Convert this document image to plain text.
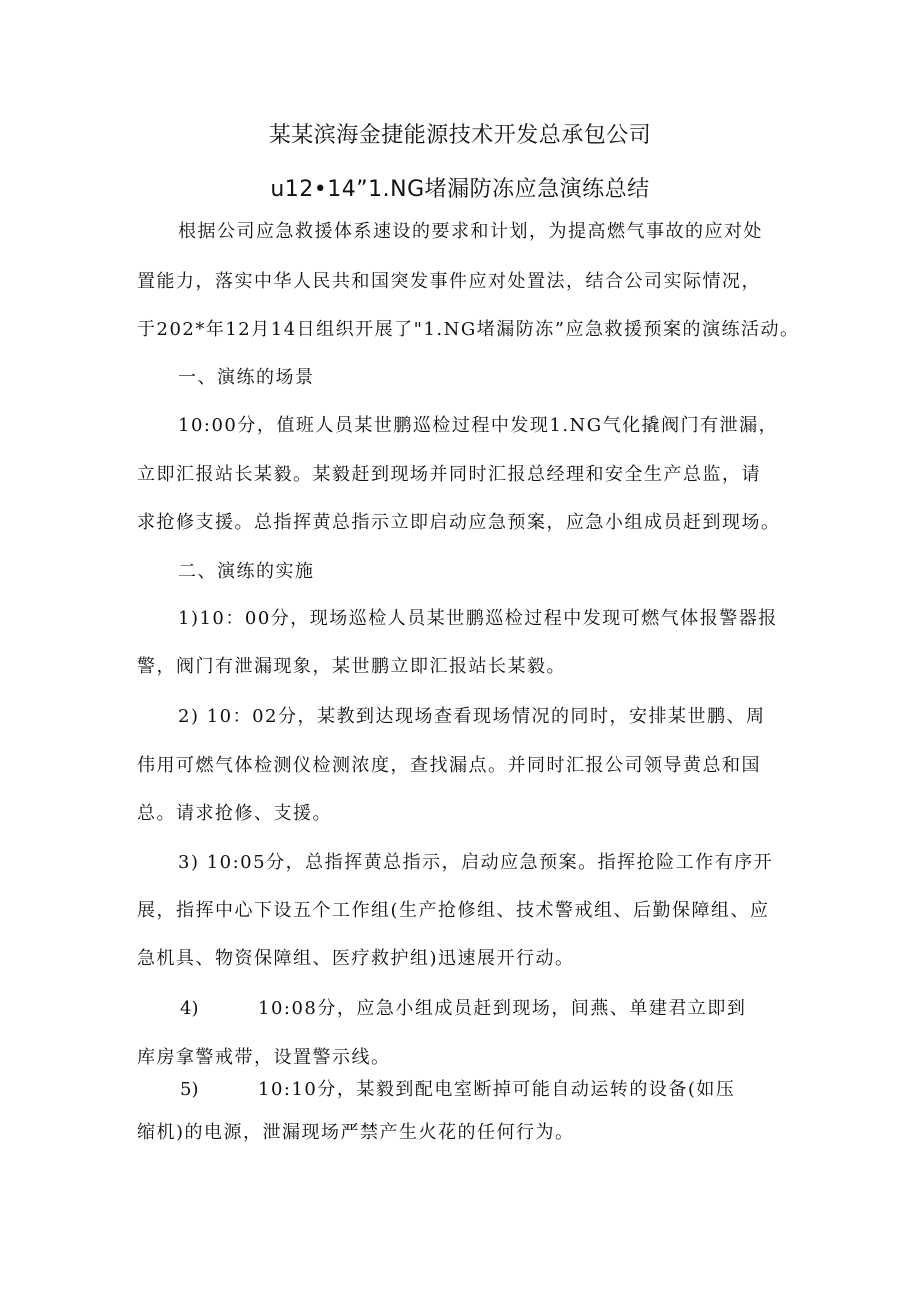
某某滨海金捷能源技术开发总承包公司
u12•14”1.NG堵漏防冻应急演练总结
根据公司应急救援体系速设的要求和计划，为提高燃气事故的应对处
置能力，落实中华人民共和国突发事件应对处置法，结合公司实际情况，
于202*年12月14日组织开展了"1.NG堵漏防冻”应急救援预案的演练活动。
一、演练的场景
10:00分，值班人员某世鹏巡检过程中发现1.NG气化撬阀门有泄漏，
立即汇报站长某毅。某毅赶到现场并同时汇报总经理和安全生产总监，请
求抢修支援。总指挥黄总指示立即启动应急预案，应急小组成员赶到现场。
二、演练的实施
1)10：00分，现场巡检人员某世鹏巡检过程中发现可燃气体报警器报
警，阀门有泄漏现象，某世鹏立即汇报站长某毅。
2) 10：02分，某教到达现场查看现场情况的同时，安排某世鹏、周
伟用可燃气体检测仪检测浓度，查找漏点。并同时汇报公司领导黄总和国
总。请求抢修、支援。
3) 10:05分，总指挥黄总指示，启动应急预案。指挥抢险工作有序开
展，指挥中心下设五个工作组(生产抢修组、技术警戒组、后勤保障组、应
急机具、物资保障组、医疗救护组)迅速展开行动。
4)	10:08分，应急小组成员赶到现场，间燕、单建君立即到
库房拿警戒带，设置警示线。
5)	10:10分，某毅到配电室断掉可能自动运转的设备(如压
缩机)的电源，泄漏现场严禁产生火花的任何行为。
